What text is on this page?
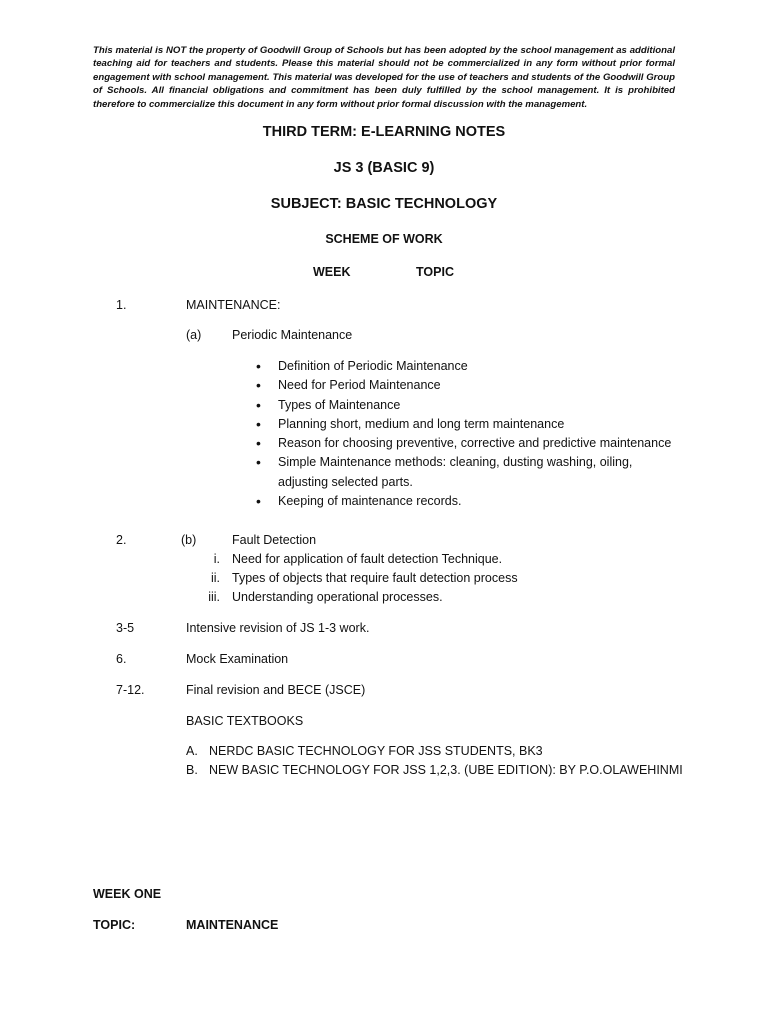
This material is NOT the property of Goodwill Group of Schools but has been adopted by the school management as additional teaching aid for teachers and students. Please this material should not be commercialized in any form without prior formal engagement with school management. This material was developed for the use of teachers and students of the Goodwill Group of Schools. All financial obligations and commitment has been duly fulfilled by the school management. It is prohibited therefore to commercialize this document in any form without prior formal discussion with the management.
THIRD TERM: E-LEARNING NOTES
JS 3 (BASIC 9)
SUBJECT: BASIC TECHNOLOGY
SCHEME OF WORK
WEEK	TOPIC
1.	MAINTENANCE:
(a) Periodic Maintenance
• Definition of Periodic Maintenance
• Need for Period Maintenance
• Types of Maintenance
• Planning short, medium and long term maintenance
• Reason for choosing preventive, corrective and predictive maintenance
• Simple Maintenance methods: cleaning, dusting washing, oiling, adjusting selected parts.
• Keeping of maintenance records.
2.	(b)	Fault Detection
i. Need for application of fault detection Technique.
ii. Types of objects that require fault detection process
iii. Understanding operational processes.
3-5	Intensive revision of JS 1-3 work.
6.	Mock Examination
7-12.	Final revision and BECE (JSCE)
BASIC TEXTBOOKS
A. NERDC BASIC TECHNOLOGY FOR JSS STUDENTS, BK3
B. NEW BASIC TECHNOLOGY FOR JSS 1,2,3. (UBE EDITION): BY P.O.OLAWEHINMI
WEEK ONE
TOPIC:	MAINTENANCE
